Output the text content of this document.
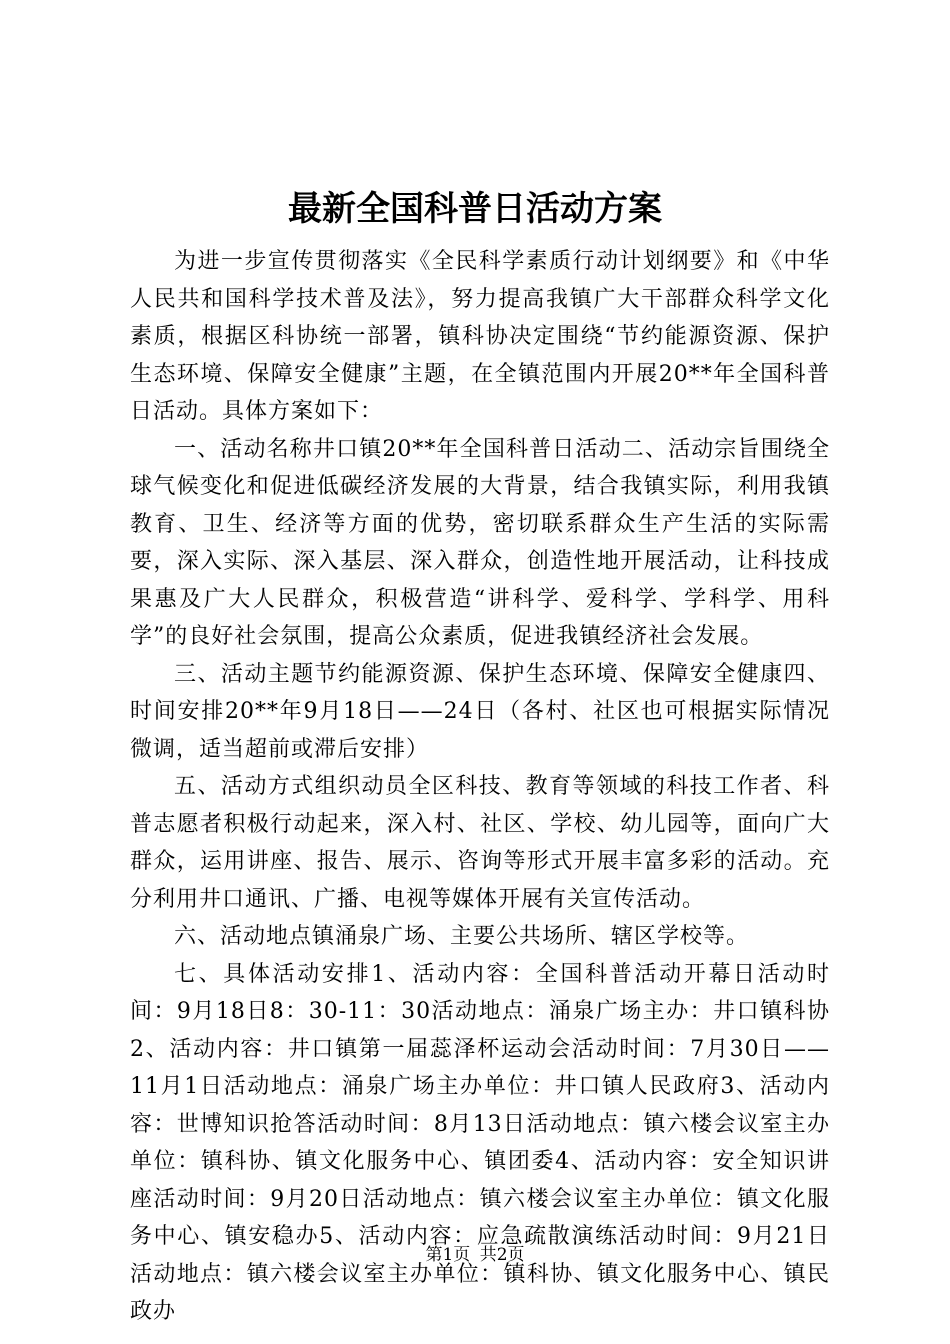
最新全国科普日活动方案

为进一步宣传贯彻落实《全民科学素质行动计划纲要》和《中华人民共和国科学技术普及法》，努力提高我镇广大干部群众科学文化素质，根据区科协统一部署，镇科协决定围绕“节约能源资源、保护生态环境、保障安全健康”主题，在全镇范围内开展20**年全国科普日活动。具体方案如下：

一、活动名称井口镇20**年全国科普日活动二、活动宗旨围绕全球气候变化和促进低碳经济发展的大背景，结合我镇实际，利用我镇教育、卫生、经济等方面的优势，密切联系群众生产生活的实际需要，深入实际、深入基层、深入群众，创造性地开展活动，让科技成果惠及广大人民群众，积极营造“讲科学、爱科学、学科学、用科学”的良好社会氛围，提高公众素质，促进我镇经济社会发展。

三、活动主题节约能源资源、保护生态环境、保障安全健康四、时间安排20**年9月18日——24日（各村、社区也可根据实际情况微调，适当超前或滞后安排）

五、活动方式组织动员全区科技、教育等领域的科技工作者、科普志愿者积极行动起来，深入村、社区、学校、幼儿园等，面向广大群众，运用讲座、报告、展示、咨询等形式开展丰富多彩的活动。充分利用井口通讯、广播、电视等媒体开展有关宣传活动。

六、活动地点镇涌泉广场、主要公共场所、辖区学校等。

七、具体活动安排1、活动内容：全国科普活动开幕日活动时间：9月18日8：30-11：30活动地点：涌泉广场主办：井口镇科协2、活动内容：井口镇第一届蕊泽杯运动会活动时间：7月30日——11月1日活动地点：涌泉广场主办单位：井口镇人民政府3、活动内容：世博知识抢答活动时间：8月13日活动地点：镇六楼会议室主办单位：镇科协、镇文化服务中心、镇团委4、活动内容：安全知识讲座活动时间：9月20日活动地点：镇六楼会议室主办单位：镇文化服务中心、镇安稳办5、活动内容：应急疏散演练活动时间：9月21日活动地点：镇六楼会议室主办单位：镇科协、镇文化服务中心、镇民政办

第1页 共2页
